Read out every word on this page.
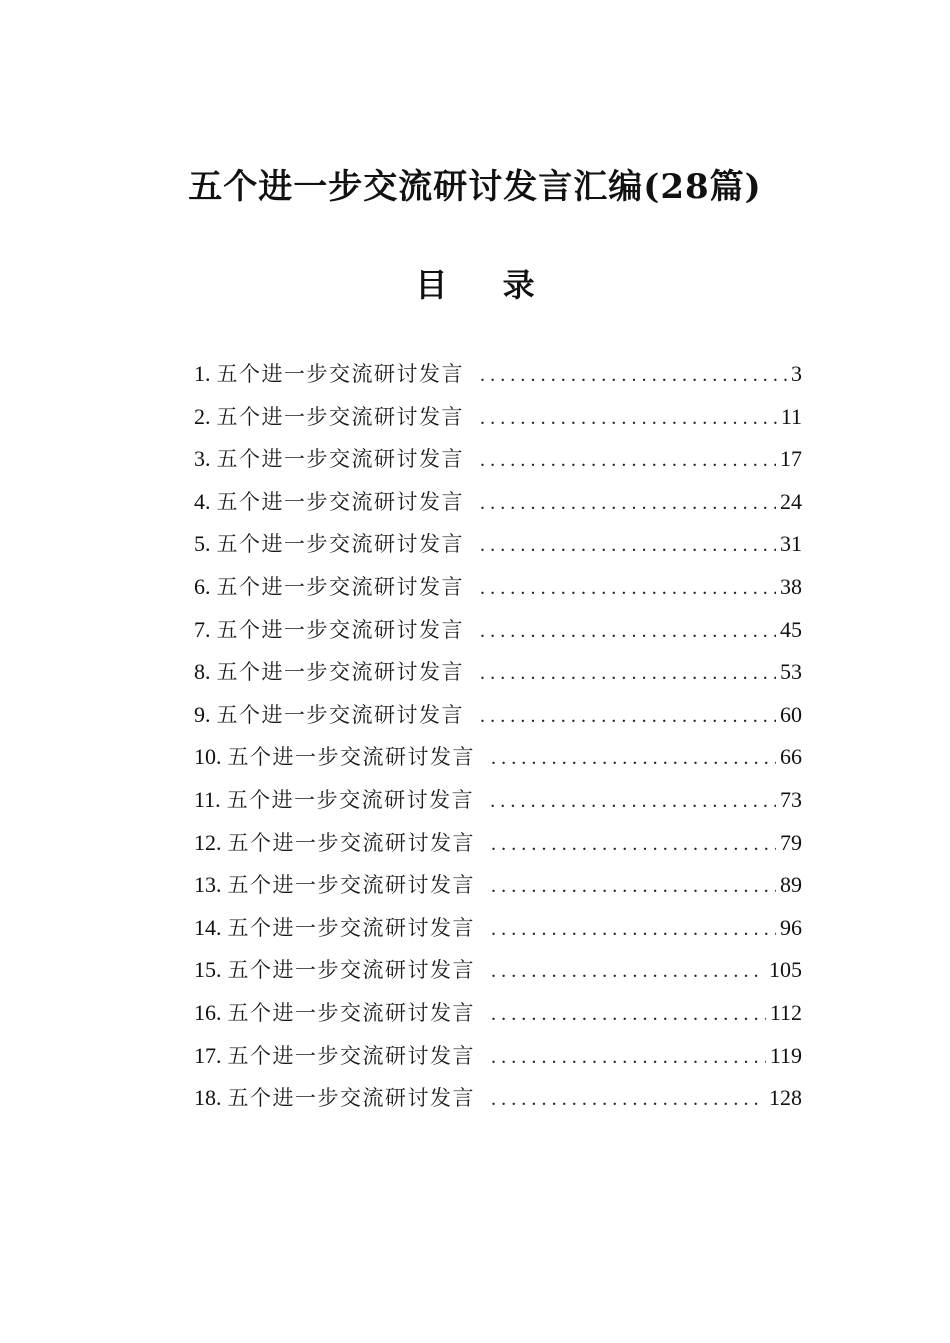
五个进一步交流研讨发言汇编(28篇)
目 录
1. 五个进一步交流研讨发言 . . .	3
2. 五个进一步交流研讨发言 . . .	11
3. 五个进一步交流研讨发言 . . .	17
4. 五个进一步交流研讨发言 . . .	24
5. 五个进一步交流研讨发言 . . .	31
6. 五个进一步交流研讨发言 . . .	38
7. 五个进一步交流研讨发言 . . .	45
8. 五个进一步交流研讨发言 . . .	53
9. 五个进一步交流研讨发言 . . .	60
10. 五个进一步交流研讨发言 . . .	66
11. 五个进一步交流研讨发言 . . .	73
12. 五个进一步交流研讨发言 . . .	79
13. 五个进一步交流研讨发言 . . .	89
14. 五个进一步交流研讨发言 . . .	96
15. 五个进一步交流研讨发言 . . .	105
16. 五个进一步交流研讨发言 . . .	112
17. 五个进一步交流研讨发言 . . .	119
18. 五个进一步交流研讨发言 . . .	128
